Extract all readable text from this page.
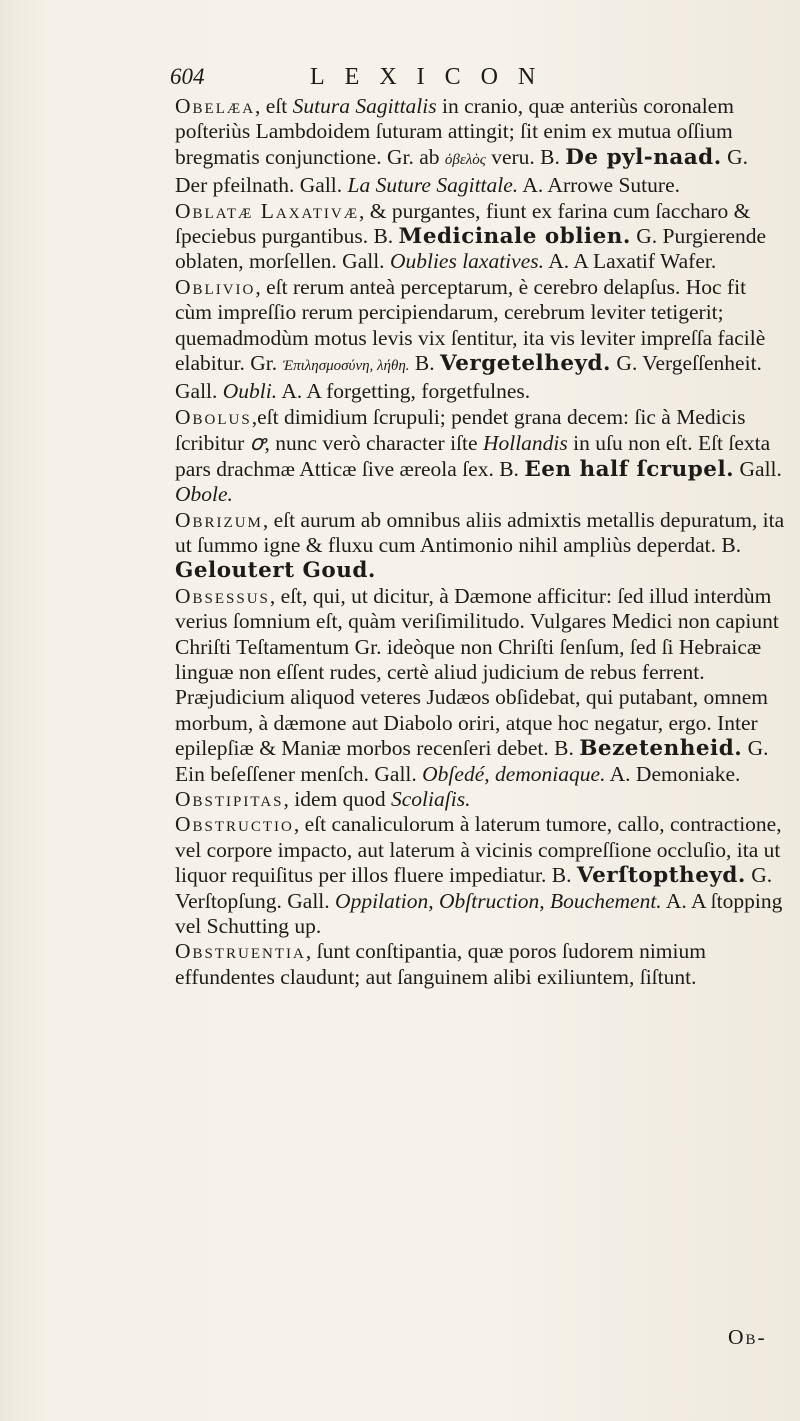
604	LEXICON

Obelæa, eſt Sutura Sagittalis in cranio, quæ anteriùs coronalem poſteriùs Lambdoidem ſuturam attingit; ſit enim ex mutua oſſium bregmatis conjunctione. Gr. ab ὀβελὸς veru. B. De pyl-naad. G. Der pfeilnath. Gall. La Suture Sagittale. A. Arrowe Suture.

Oblatæ Laxativæ, & purgantes, fiunt ex farina cum ſaccharo & ſpeciebus purgantibus. B. Medicinale oblien. G. Purgierende oblaten, morſellen. Gall. Oublies laxatives. A. A Laxatif Wafer.

Oblivio, eſt rerum anteà perceptarum, è cerebro delapſus. Hoc fit cùm impreſſio rerum percipiendarum, cerebrum leviter tetigerit; quemadmodùm motus levis vix ſentitur, ita vis leviter impreſſa facilè elabitur. Gr. Ἐπιλησμοσύνη, λήθη. B. Vergetelheyd. G. Vergeſſenheit. Gall. Oubli. A. A forgetting, forgetfulnes.

Obolus,eſt dimidium ſcrupuli; pendet grana decem: ſic à Medicis ſcribitur ꝍ, nunc verò character iſte Hollandis in uſu non eſt. Eſt ſexta pars drachmæ Atticæ ſive æreola ſex. B. Een half ſcrupel. Gall. Obole.

Obrizum, eſt aurum ab omnibus aliis admixtis metallis depuratum, ita ut ſummo igne & fluxu cum Antimonio nihil ampliùs deperdat. B. Geloutert Goud.

Obsessus, eſt, qui, ut dicitur, à Dæmone afficitur: ſed illud interdùm verius ſomnium eſt, quàm veriſimilitudo. Vulgares Medici non capiunt Chriſti Teſtamentum Gr. ideòque non Chriſti ſenſum, ſed ſi Hebraicæ linguæ non eſſent rudes, certè aliud judicium de rebus ferrent. Præjudicium aliquod veteres Judæos obſidebat, qui putabant, omnem morbum, à dæmone aut Diabolo oriri, atque hoc negatur, ergo. Inter epilepſiæ & Maniæ morbos recenſeri debet. B. Bezetenheid. G. Ein beſeſſener menſch. Gall. Obſedé, demoniaque. A. Demoniake.

Obstipitas, idem quod Scoliaſis.

Obstructio, eſt canaliculorum à laterum tumore, callo, contractione, vel corpore impacto, aut laterum à vicinis compreſſione occluſio, ita ut liquor requiſitus per illos fluere impediatur. B. Verſtoptheyd. G. Verſtopſung. Gall. Oppilation, Obſtruction, Bouchement. A. A ſtopping vel Schutting up.

Obstruentia, ſunt conſtipantia, quæ poros ſudorem nimium effundentes claudunt; aut ſanguinem alibi exiliuntem, ſiſtunt.

Ob-
